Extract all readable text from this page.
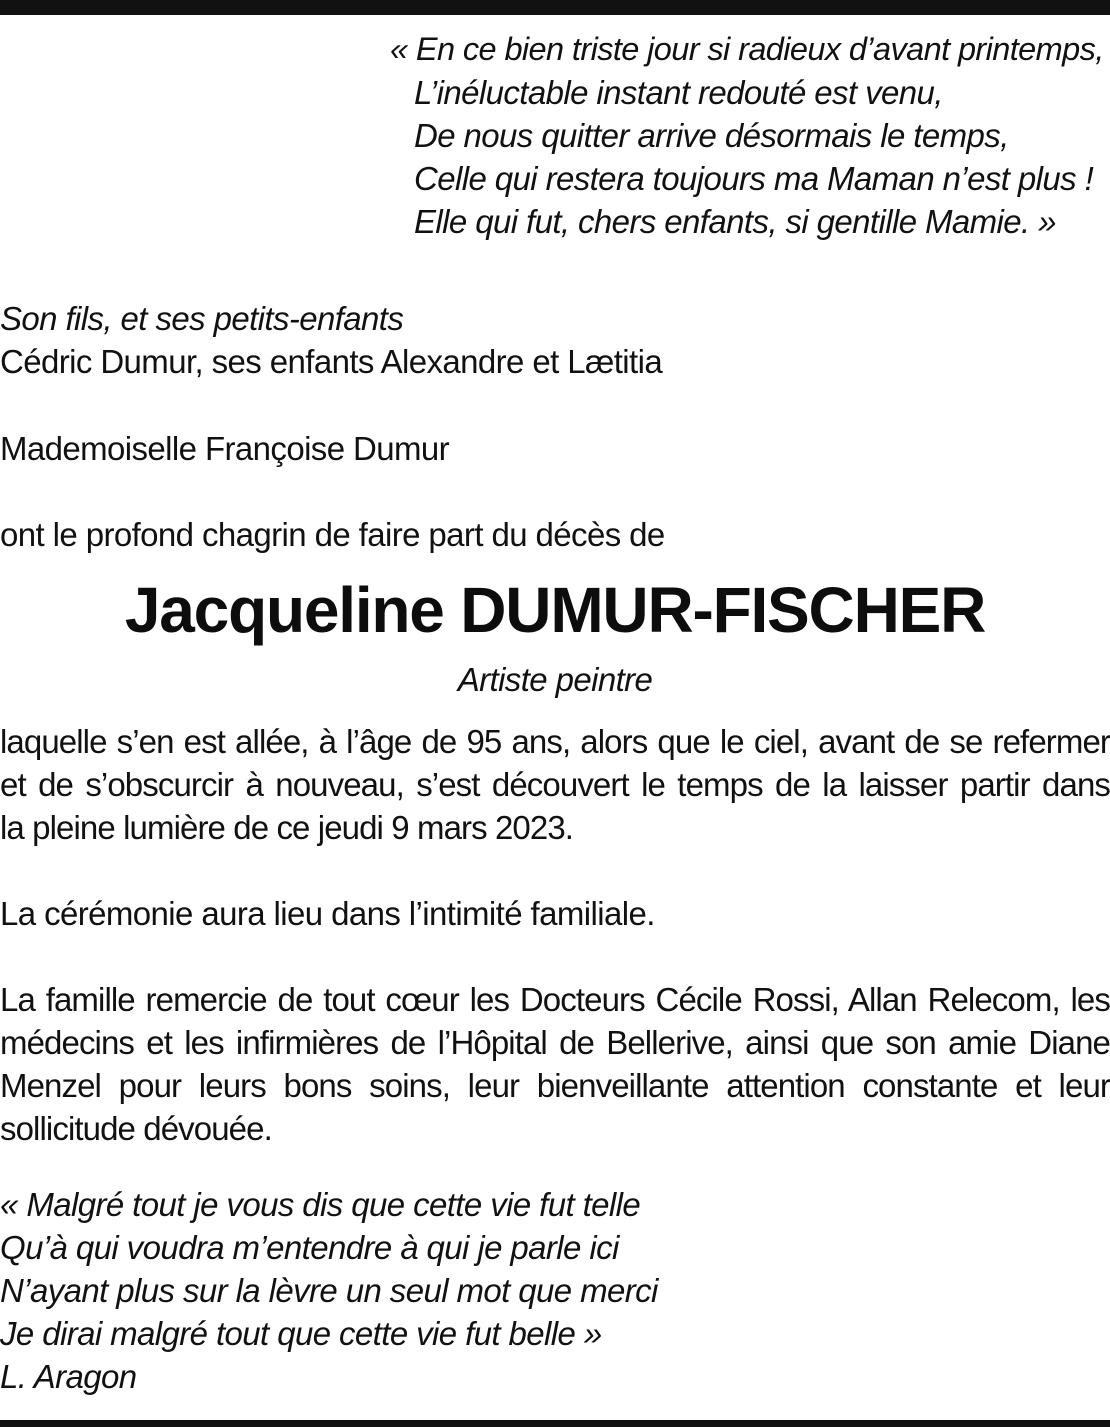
« En ce bien triste jour si radieux d’avant printemps,
L’inéluctable instant redouté est venu,
De nous quitter arrive désormais le temps,
Celle qui restera toujours ma Maman n’est plus !
Elle qui fut, chers enfants, si gentille Mamie. »
Son fils, et ses petits-enfants
Cédric Dumur, ses enfants Alexandre et Lætitia
Mademoiselle Françoise Dumur
ont le profond chagrin de faire part du décès de
Jacqueline DUMUR-FISCHER
Artiste peintre
laquelle s’en est allée, à l’âge de 95 ans, alors que le ciel, avant de se refermer
et de s’obscurcir à nouveau, s’est découvert le temps de la laisser partir dans
la pleine lumière de ce jeudi 9 mars 2023.
La cérémonie aura lieu dans l’intimité familiale.
La famille remercie de tout cœur les Docteurs Cécile Rossi, Allan Relecom, les
médecins et les infirmières de l’Hôpital de Bellerive, ainsi que son amie Diane
Menzel pour leurs bons soins, leur bienveillante attention constante et leur
sollicitude dévouée.
« Malgré tout je vous dis que cette vie fut telle
Qu’à qui voudra m’entendre à qui je parle ici
N’ayant plus sur la lèvre un seul mot que merci
Je dirai malgré tout que cette vie fut belle »
L. Aragon
